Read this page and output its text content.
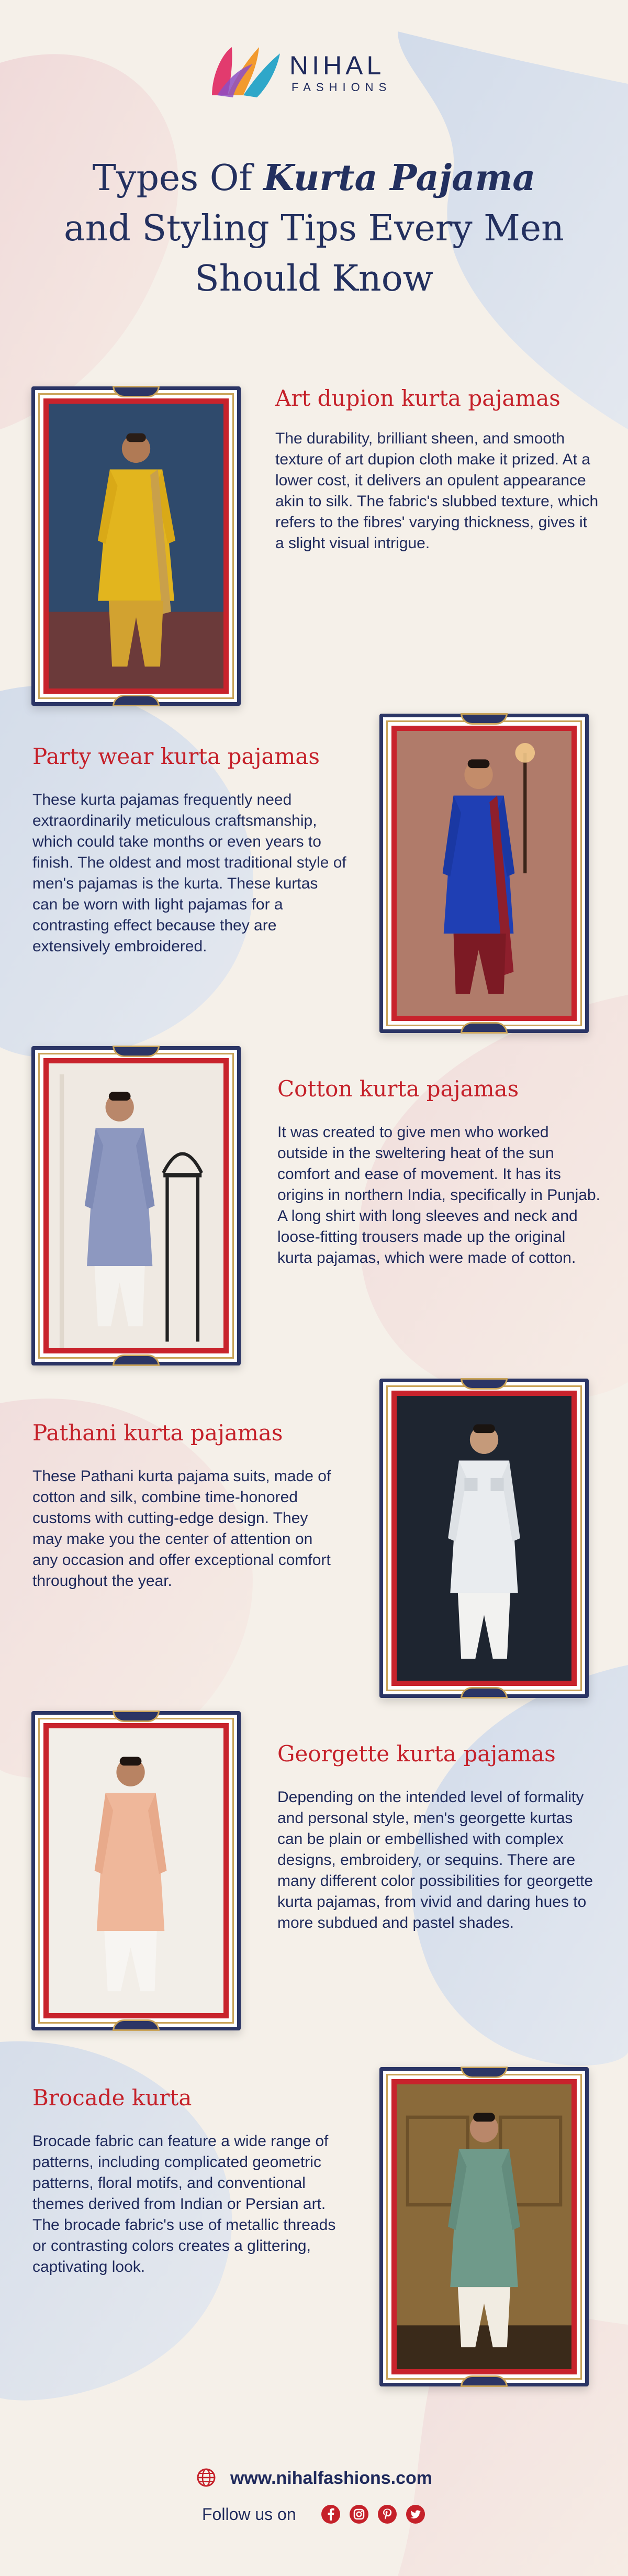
NIHAL
FASHIONS
Types Of Kurta Pajama
and Styling Tips Every Men
Should Know
Art dupion kurta pajamas

The durability, brilliant sheen, and smooth texture of art dupion cloth make it prized. At a lower cost, it delivers an opulent appearance akin to silk. The fabric's slubbed texture, which refers to the fibres' varying thickness, gives it a slight visual intrigue.

Party wear kurta pajamas

These kurta pajamas frequently need extraordinarily meticulous craftsmanship, which could take months or even years to finish. The oldest and most traditional style of men's pajamas is the kurta. These kurtas can be worn with light pajamas for a contrasting effect because they are extensively embroidered.

Cotton kurta pajamas

It was created to give men who worked outside in the sweltering heat of the sun comfort and ease of movement. It has its origins in northern India, specifically in Punjab. A long shirt with long sleeves and neck and loose-fitting trousers made up the original kurta pajamas, which were made of cotton.

Pathani kurta pajamas

These Pathani kurta pajama suits, made of cotton and silk, combine time-honored customs with cutting-edge design. They may make you the center of attention on any occasion and offer exceptional comfort throughout the year.

Georgette kurta pajamas

Depending on the intended level of formality and personal style, men's georgette kurtas can be plain or embellished with complex designs, embroidery, or sequins. There are many different color possibilities for georgette kurta pajamas, from vivid and daring hues to more subdued and pastel shades.

Brocade kurta

Brocade fabric can feature a wide range of patterns, including complicated geometric patterns, floral motifs, and conventional themes derived from Indian or Persian art. The brocade fabric's use of metallic threads or contrasting colors creates a glittering, captivating look.

www.nihalfashions.com
Follow us on
